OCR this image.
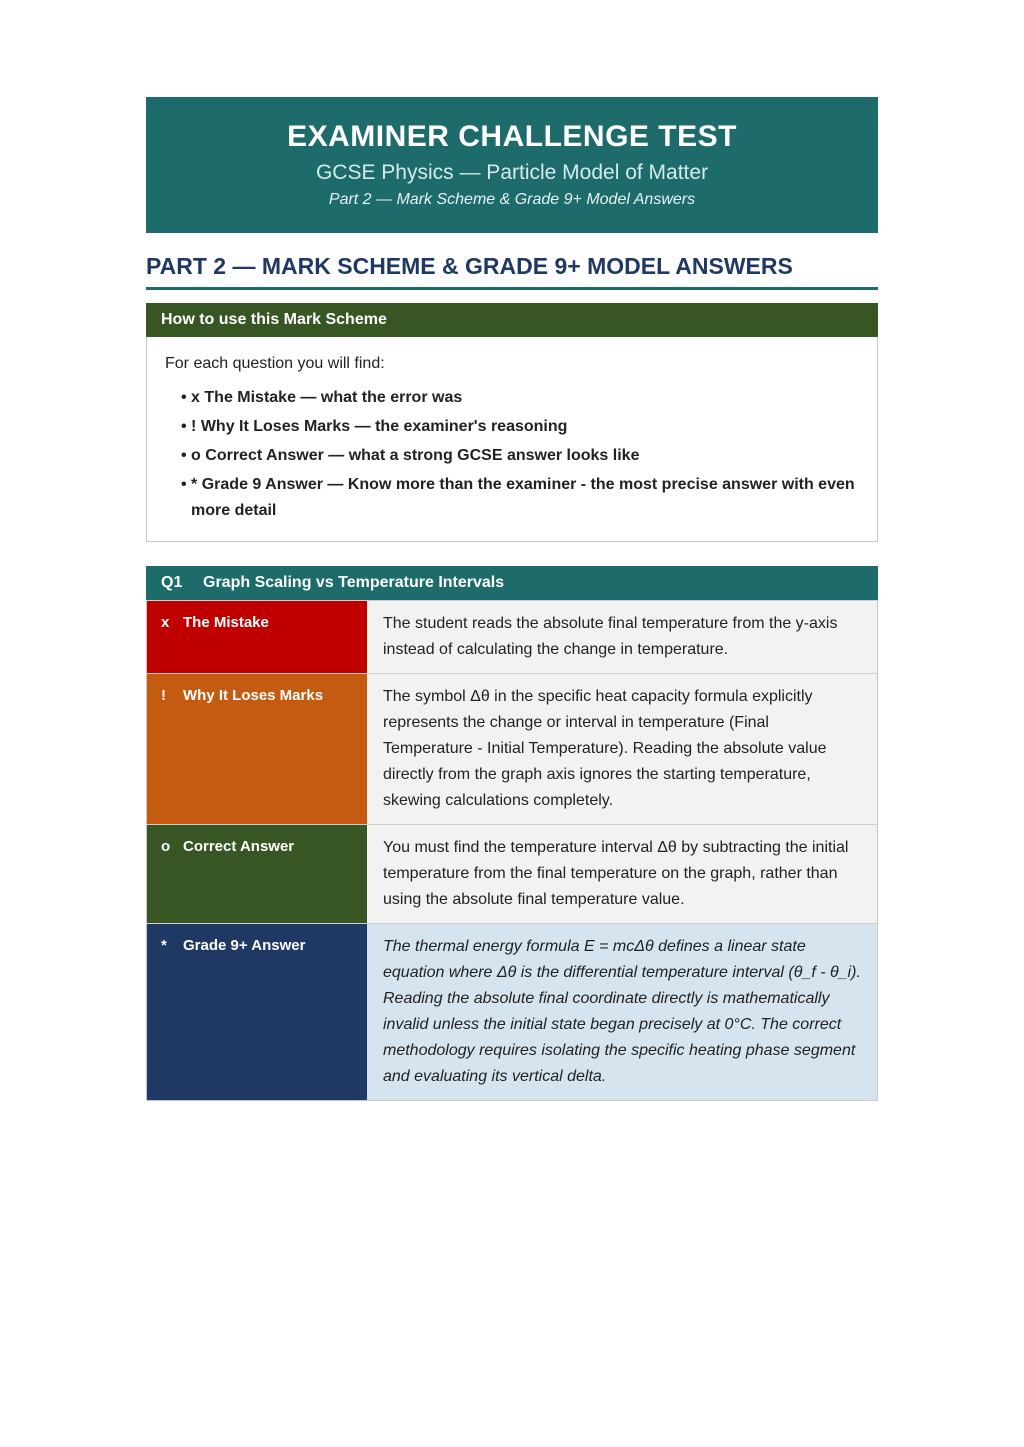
EXAMINER CHALLENGE TEST
GCSE Physics — Particle Model of Matter
Part 2 — Mark Scheme & Grade 9+ Model Answers
PART 2 — MARK SCHEME & GRADE 9+ MODEL ANSWERS
How to use this Mark Scheme
For each question you will find:
• x The Mistake — what the error was
• ! Why It Loses Marks — the examiner's reasoning
• o Correct Answer — what a strong GCSE answer looks like
• * Grade 9 Answer — Know more than the examiner - the most precise answer with even more detail
Q1 Graph Scaling vs Temperature Intervals
x The Mistake	The student reads the absolute final temperature from the y-axis instead of calculating the change in temperature.
! Why It Loses Marks	The symbol Δθ in the specific heat capacity formula explicitly represents the change or interval in temperature (Final Temperature - Initial Temperature). Reading the absolute value directly from the graph axis ignores the starting temperature, skewing calculations completely.
o Correct Answer	You must find the temperature interval Δθ by subtracting the initial temperature from the final temperature on the graph, rather than using the absolute final temperature value.
* Grade 9+ Answer	The thermal energy formula E = mcΔθ defines a linear state equation where Δθ is the differential temperature interval (θ_f - θ_i). Reading the absolute final coordinate directly is mathematically invalid unless the initial state began precisely at 0°C. The correct methodology requires isolating the specific heating phase segment and evaluating its vertical delta.
